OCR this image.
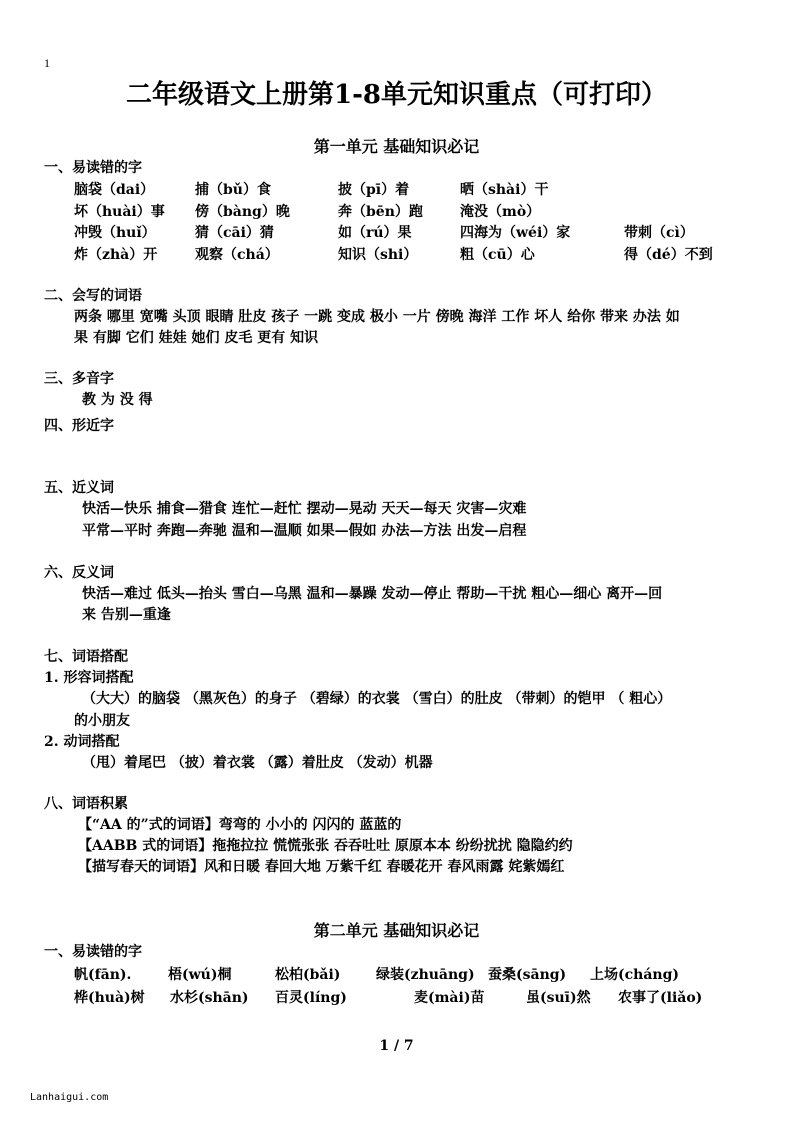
1
二年级语文上册第1-8单元知识重点（可打印）
第一单元 基础知识必记
一、易读错的字
脑袋（dai）	捕（bǔ）食	披（pī）着	晒（shài）干
坏（huài）事 傍（bàng）晚	奔（bēn）跑	淹没（mò）
冲毁（huǐ）	猜（cāi）猜	如（rú）果	四海为（wéi）家	带刺（cì）
炸（zhà）开	观察（chá）	知识（shi）	粗（cū）心	得（dé）不到
二、会写的词语
两条 哪里 宽嘴 头顶 眼睛 肚皮 孩子 一跳 变成 极小 一片 傍晚 海洋 工作 坏人 给你 带来 办法 如
果 有脚 它们 娃娃 她们 皮毛 更有 知识
三、多音字
教 为 没 得
四、形近字
五、近义词
快活—快乐 捕食—猎食 连忙—赶忙 摆动—晃动 天天—每天 灾害—灾难
平常—平时 奔跑—奔驰 温和—温顺 如果—假如 办法—方法 出发—启程
六、反义词
快活—难过 低头—抬头 雪白—乌黑 温和—暴躁 发动—停止 帮助—干扰 粗心—细心 离开—回
来 告别—重逢
七、词语搭配
1. 形容词搭配
（大大）的脑袋 （黑灰色）的身子 （碧绿）的衣裳 （雪白）的肚皮 （带刺）的铠甲 （ 粗心）
的小朋友
2. 动词搭配
（甩）着尾巴 （披）着衣裳 （露）着肚皮 （发动）机器
八、词语积累
【“AA 的”式的词语】弯弯的 小小的 闪闪的 蓝蓝的
【AABB 式的词语】拖拖拉拉 慌慌张张 吞吞吐吐 原原本本 纷纷扰扰 隐隐约约
【描写春天的词语】风和日暖 春回大地 万紫千红 春暖花开 春风雨露 姹紫嫣红
第二单元 基础知识必记
一、易读错的字
帆(fān).	梧(wú)桐	松柏(bǎi)	绿装(zhuāng) 蚕桑(sāng) 上场(cháng)
桦(huà)树 水杉(shān) 百灵(líng)	麦(mài)苗	虽(suī)然 农事了(liǎo)
1 / 7
Lanhaigui.com
